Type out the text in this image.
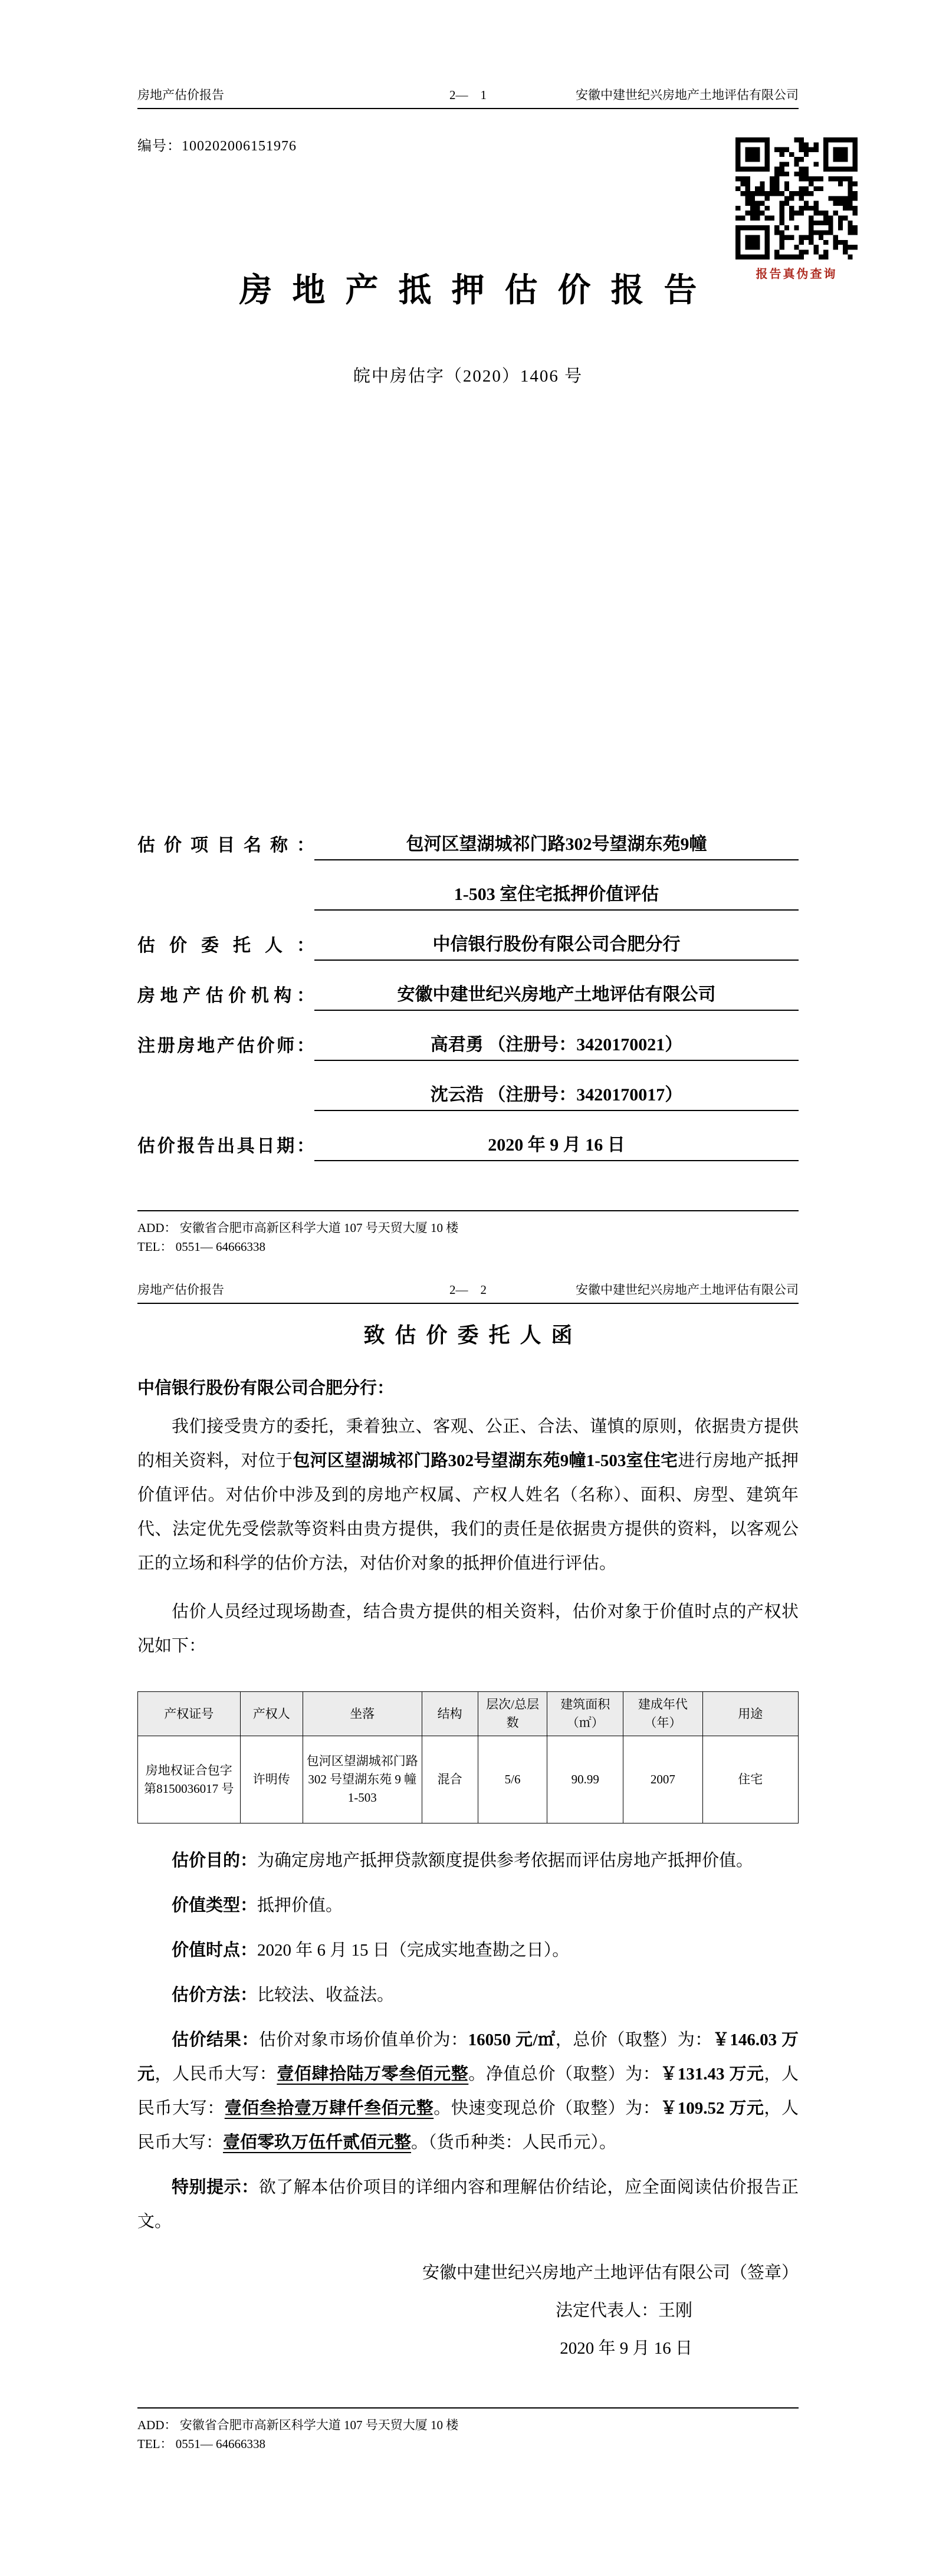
房地产估价报告	2—　1	安徽中建世纪兴房地产土地评估有限公司
编号：100202006151976
报告真伪查询
房地产抵押估价报告
皖中房估字（2020）1406 号
估价项目名称：	包河区望湖城祁门路302号望湖东苑9幢
1-503 室住宅抵押价值评估
估价委托人：	中信银行股份有限公司合肥分行
房地产估价机构：	安徽中建世纪兴房地产土地评估有限公司
注册房地产估价师：	高君勇 （注册号：3420170021）
沈云浩 （注册号：3420170017）
估价报告出具日期：	2020 年 9 月 16 日
ADD： 安徽省合肥市高新区科学大道 107 号天贸大厦 10 楼
TEL： 0551— 64666338
房地产估价报告	2—　2	安徽中建世纪兴房地产土地评估有限公司
致估价委托人函
中信银行股份有限公司合肥分行：

我们接受贵方的委托，秉着独立、客观、公正、合法、谨慎的原则，依据贵方提供的相关资料，对位于包河区望湖城祁门路302号望湖东苑9幢1-503室住宅进行房地产抵押价值评估。对估价中涉及到的房地产权属、产权人姓名（名称）、面积、房型、建筑年代、法定优先受偿款等资料由贵方提供，我们的责任是依据贵方提供的资料，以客观公正的立场和科学的估价方法，对估价对象的抵押价值进行评估。

估价人员经过现场勘查，结合贵方提供的相关资料，估价对象于价值时点的产权状况如下：

产权证号	产权人	坐落	结构	层次/总层数	建筑面积（㎡）	建成年代（年）	用途
房地权证合包字第8150036017 号	许明传	包河区望湖城祁门路 302 号望湖东苑 9 幢 1-503	混合	5/6	90.99	2007	住宅

估价目的：为确定房地产抵押贷款额度提供参考依据而评估房地产抵押价值。

价值类型：抵押价值。

价值时点：2020 年 6 月 15 日（完成实地查勘之日）。

估价方法：比较法、收益法。

估价结果：估价对象市场价值单价为：16050 元/㎡，总价（取整）为：￥146.03 万元，人民币大写：壹佰肆拾陆万零叁佰元整。净值总价（取整）为：￥131.43 万元，人民币大写：壹佰叁拾壹万肆仟叁佰元整。快速变现总价（取整）为：￥109.52 万元，人民币大写：壹佰零玖万伍仟贰佰元整。（货币种类：人民币元）。

特别提示：欲了解本估价项目的详细内容和理解估价结论，应全面阅读估价报告正文。

安徽中建世纪兴房地产土地评估有限公司（签章）
法定代表人：王刚
2020 年 9 月 16 日
ADD： 安徽省合肥市高新区科学大道 107 号天贸大厦 10 楼
TEL： 0551— 64666338
